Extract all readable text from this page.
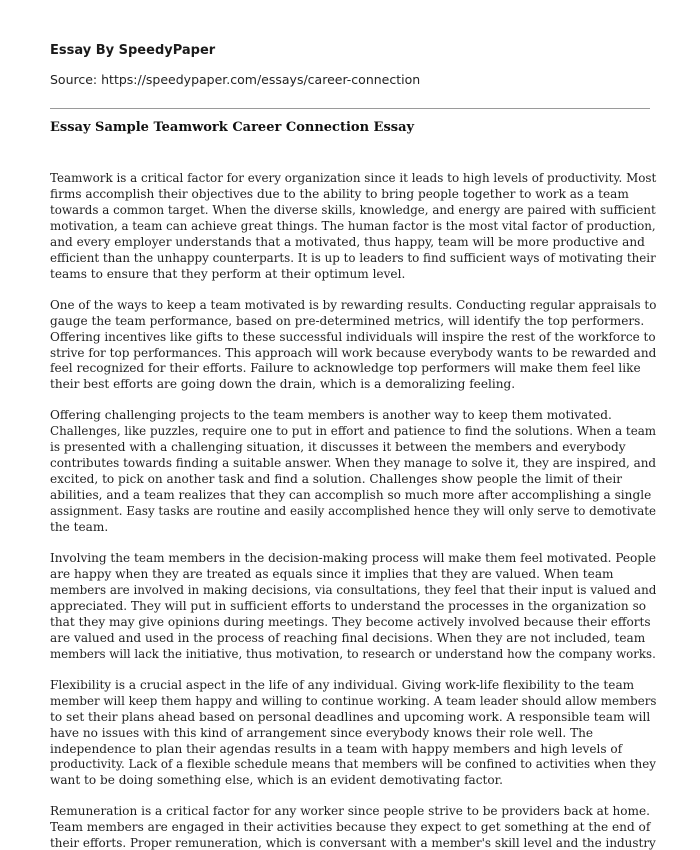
Essay By SpeedyPaper
Source: https://speedypaper.com/essays/career-connection
Essay Sample Teamwork Career Connection Essay

Teamwork is a critical factor for every organization since it leads to high levels of productivity. Most
firms accomplish their objectives due to the ability to bring people together to work as a team
towards a common target. When the diverse skills, knowledge, and energy are paired with sufficient
motivation, a team can achieve great things. The human factor is the most vital factor of production,
and every employer understands that a motivated, thus happy, team will be more productive and
efficient than the unhappy counterparts. It is up to leaders to find sufficient ways of motivating their
teams to ensure that they perform at their optimum level.

One of the ways to keep a team motivated is by rewarding results. Conducting regular appraisals to
gauge the team performance, based on pre-determined metrics, will identify the top performers.
Offering incentives like gifts to these successful individuals will inspire the rest of the workforce to
strive for top performances. This approach will work because everybody wants to be rewarded and
feel recognized for their efforts. Failure to acknowledge top performers will make them feel like
their best efforts are going down the drain, which is a demoralizing feeling.

Offering challenging projects to the team members is another way to keep them motivated.
Challenges, like puzzles, require one to put in effort and patience to find the solutions. When a team
is presented with a challenging situation, it discusses it between the members and everybody
contributes towards finding a suitable answer. When they manage to solve it, they are inspired, and
excited, to pick on another task and find a solution. Challenges show people the limit of their
abilities, and a team realizes that they can accomplish so much more after accomplishing a single
assignment. Easy tasks are routine and easily accomplished hence they will only serve to demotivate
the team.

Involving the team members in the decision-making process will make them feel motivated. People
are happy when they are treated as equals since it implies that they are valued. When team
members are involved in making decisions, via consultations, they feel that their input is valued and
appreciated. They will put in sufficient efforts to understand the processes in the organization so
that they may give opinions during meetings. They become actively involved because their efforts
are valued and used in the process of reaching final decisions. When they are not included, team
members will lack the initiative, thus motivation, to research or understand how the company works.

Flexibility is a crucial aspect in the life of any individual. Giving work-life flexibility to the team
member will keep them happy and willing to continue working. A team leader should allow members
to set their plans ahead based on personal deadlines and upcoming work. A responsible team will
have no issues with this kind of arrangement since everybody knows their role well. The
independence to plan their agendas results in a team with happy members and high levels of
productivity. Lack of a flexible schedule means that members will be confined to activities when they
want to be doing something else, which is an evident demotivating factor.

Remuneration is a critical factor for any worker since people strive to be providers back at home.
Team members are engaged in their activities because they expect to get something at the end of
their efforts. Proper remuneration, which is conversant with a member's skill level and the industry
